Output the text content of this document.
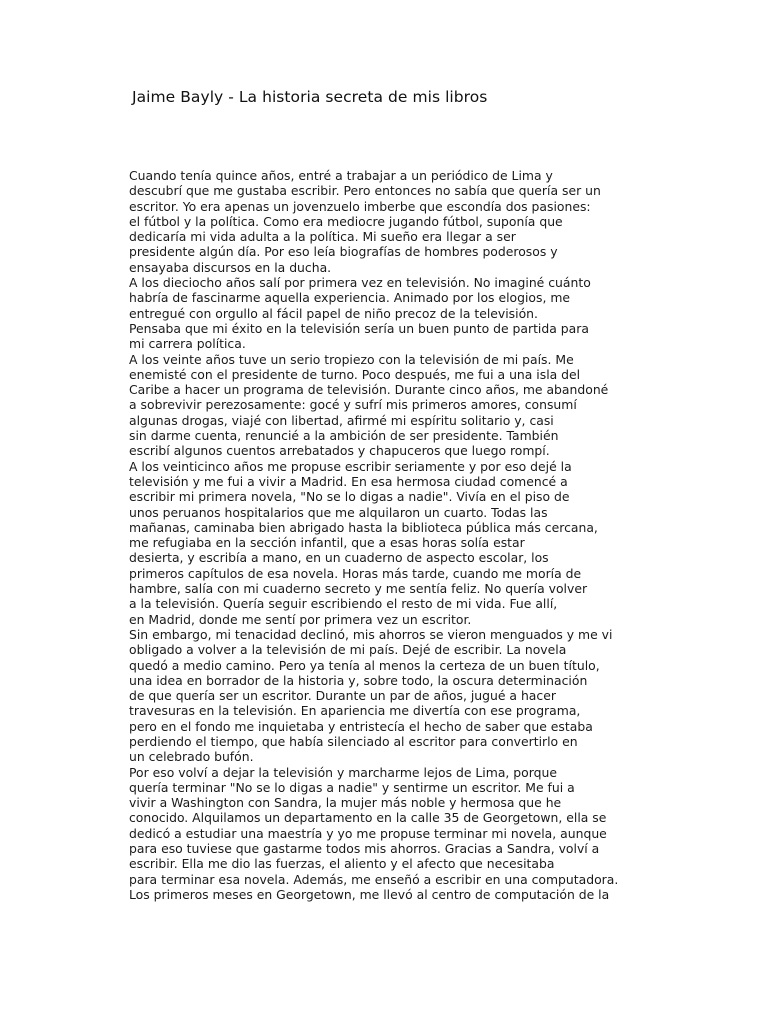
Jaime Bayly - La historia secreta de mis libros
Cuando tenía quince años, entré a trabajar a un periódico de Lima y
descubrí que me gustaba escribir. Pero entonces no sabía que quería ser un
escritor. Yo era apenas un jovenzuelo imberbe que escondía dos pasiones:
el fútbol y la política. Como era mediocre jugando fútbol, suponía que
dedicaría mi vida adulta a la política. Mi sueño era llegar a ser
presidente algún día. Por eso leía biografías de hombres poderosos y
ensayaba discursos en la ducha.
A los dieciocho años salí por primera vez en televisión. No imaginé cuánto
habría de fascinarme aquella experiencia. Animado por los elogios, me
entregué con orgullo al fácil papel de niño precoz de la televisión.
Pensaba que mi éxito en la televisión sería un buen punto de partida para
mi carrera política.
A los veinte años tuve un serio tropiezo con la televisión de mi país. Me
enemisté con el presidente de turno. Poco después, me fui a una isla del
Caribe a hacer un programa de televisión. Durante cinco años, me abandoné
a sobrevivir perezosamente: gocé y sufrí mis primeros amores, consumí
algunas drogas, viajé con libertad, afirmé mi espíritu solitario y, casi
sin darme cuenta, renuncié a la ambición de ser presidente. También
escribí algunos cuentos arrebatados y chapuceros que luego rompí.
A los veinticinco años me propuse escribir seriamente y por eso dejé la
televisión y me fui a vivir a Madrid. En esa hermosa ciudad comencé a
escribir mi primera novela, "No se lo digas a nadie". Vivía en el piso de
unos peruanos hospitalarios que me alquilaron un cuarto. Todas las
mañanas, caminaba bien abrigado hasta la biblioteca pública más cercana,
me refugiaba en la sección infantil, que a esas horas solía estar
desierta, y escribía a mano, en un cuaderno de aspecto escolar, los
primeros capítulos de esa novela. Horas más tarde, cuando me moría de
hambre, salía con mi cuaderno secreto y me sentía feliz. No quería volver
a la televisión. Quería seguir escribiendo el resto de mi vida. Fue allí,
en Madrid, donde me sentí por primera vez un escritor.
Sin embargo, mi tenacidad declinó, mis ahorros se vieron menguados y me vi
obligado a volver a la televisión de mi país. Dejé de escribir. La novela
quedó a medio camino. Pero ya tenía al menos la certeza de un buen título,
una idea en borrador de la historia y, sobre todo, la oscura determinación
de que quería ser un escritor. Durante un par de años, jugué a hacer
travesuras en la televisión. En apariencia me divertía con ese programa,
pero en el fondo me inquietaba y entristecía el hecho de saber que estaba
perdiendo el tiempo, que había silenciado al escritor para convertirlo en
un celebrado bufón.
Por eso volví a dejar la televisión y marcharme lejos de Lima, porque
quería terminar "No se lo digas a nadie" y sentirme un escritor. Me fui a
vivir a Washington con Sandra, la mujer más noble y hermosa que he
conocido. Alquilamos un departamento en la calle 35 de Georgetown, ella se
dedicó a estudiar una maestría y yo me propuse terminar mi novela, aunque
para eso tuviese que gastarme todos mis ahorros. Gracias a Sandra, volví a
escribir. Ella me dio las fuerzas, el aliento y el afecto que necesitaba
para terminar esa novela. Además, me enseñó a escribir en una computadora.
Los primeros meses en Georgetown, me llevó al centro de computación de la
